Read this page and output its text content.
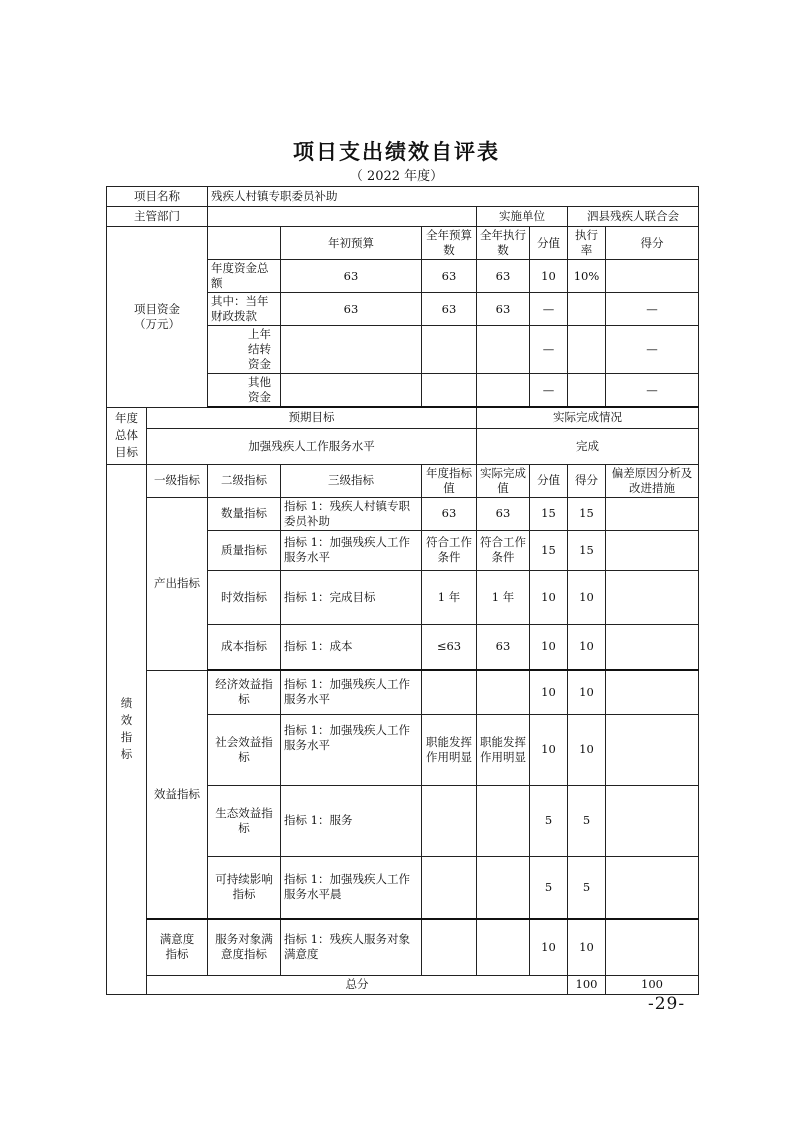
项日支出绩效自评表
（ 2022 年度）
项目名称		残疾人村镇专职委员补助							
主管部门					实施单位		泗县残疾人联合会		
项目资金
（万元）			年初预算	全年预算数	全年执行数	分值	执行率	得分	
		年度资金总额	63	63	63	10	10%		
		其中：当年财政拨款	63	63	63	—		—	
		上年结转资金				—		—	
		其他资金				—		—	
年度总体目标	预期目标				实际完成情况				
	加强残疾人工作服务水平				完成				
绩效指标	一级指标	二级指标	三级指标	年度指标值	实际完成值	分值	得分	偏差原因分析及改进措施	
	产出指标	数量指标	指标 1：残疾人村镇专职委员补助	63	63	15	15		
		质量指标	指标 1：加强残疾人工作服务水平	符合工作条件	符合工作条件	15	15		
		时效指标	指标 1：完成目标	1 年	1 年	10	10		
		成本指标	指标 1：成本	≤63	63	10	10		
	效益指标	经济效益指标	指标 1：加强残疾人工作服务水平			10	10		
		社会效益指标	指标 1：加强残疾人工作服务水平	职能发挥作用明显	职能发挥作用明显	10	10		
		生态效益指标	指标 1：服务			5	5		
		可持续影响指标	指标 1：加强残疾人工作服务水平晨			5	5		
	满意度指标	服务对象满意度指标	指标 1：残疾人服务对象满意度			10	10		
	总分						100	100	
-29-
